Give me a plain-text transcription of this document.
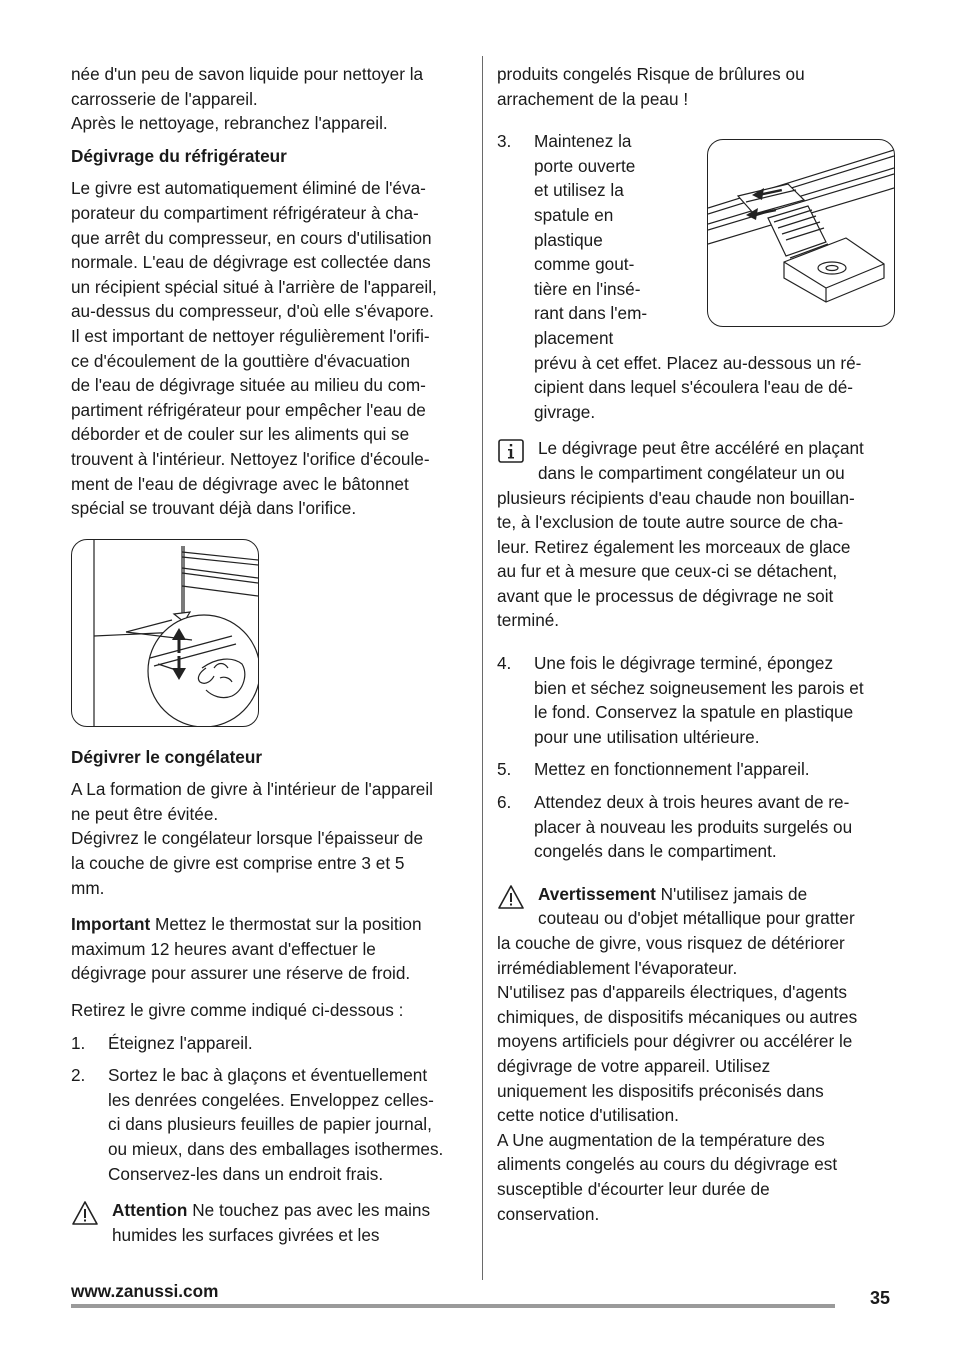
née d'un peu de savon liquide pour nettoyer la

carrosserie de l'appareil.

Après le nettoyage, rebranchez l'appareil.

Dégivrage du réfrigérateur

Le givre est automatiquement éliminé de l'éva-

porateur du compartiment réfrigérateur à cha-

que arrêt du compresseur, en cours d'utilisation

normale. L'eau de dégivrage est collectée dans

un récipient spécial situé à l'arrière de l'appareil,

au-dessus du compresseur, d'où elle s'évapore.

Il est important de nettoyer régulièrement l'orifi-

ce d'écoulement de la gouttière d'évacuation

de l'eau de dégivrage située au milieu du com-

partiment réfrigérateur pour empêcher l'eau de

déborder et de couler sur les aliments qui se

trouvent à l'intérieur. Nettoyez l'orifice d'écoule-

ment de l'eau de dégivrage avec le bâtonnet

spécial se trouvant déjà dans l'orifice.

Dégivrer le congélateur

A La formation de givre à l'intérieur de l'appareil

ne peut être évitée.

Dégivrez le congélateur lorsque l'épaisseur de

la couche de givre est comprise entre 3 et 5

mm.

Important Mettez le thermostat sur la position

maximum 12 heures avant d'effectuer le

dégivrage pour assurer une réserve de froid.

Retirez le givre comme indiqué ci-dessous :

1. Éteignez l'appareil.

2. Sortez le bac à glaçons et éventuellement

les denrées congelées. Enveloppez celles-

ci dans plusieurs feuilles de papier journal,

ou mieux, dans des emballages isothermes.

Conservez-les dans un endroit frais.

Attention Ne touchez pas avec les mains

humides les surfaces givrées et les

produits congelés Risque de brûlures ou

arrachement de la peau !

3. Maintenez la

porte ouverte

et utilisez la

spatule en

plastique

comme gout-

tière en l'insé-

rant dans l'em-

placement

prévu à cet effet. Placez au-dessous un ré-

cipient dans lequel s'écoulera l'eau de dé-

givrage.

Le dégivrage peut être accéléré en plaçant

dans le compartiment congélateur un ou

plusieurs récipients d'eau chaude non bouillan-

te, à l'exclusion de toute autre source de cha-

leur. Retirez également les morceaux de glace

au fur et à mesure que ceux-ci se détachent,

avant que le processus de dégivrage ne soit

terminé.

4. Une fois le dégivrage terminé, épongez

bien et séchez soigneusement les parois et

le fond. Conservez la spatule en plastique

pour une utilisation ultérieure.

5. Mettez en fonctionnement l'appareil.

6. Attendez deux à trois heures avant de re-

placer à nouveau les produits surgelés ou

congelés dans le compartiment.

Avertissement N'utilisez jamais de

couteau ou d'objet métallique pour gratter

la couche de givre, vous risquez de détériorer

irrémédiablement l'évaporateur.

N'utilisez pas d'appareils électriques, d'agents

chimiques, de dispositifs mécaniques ou autres

moyens artificiels pour dégivrer ou accélérer le

dégivrage de votre appareil. Utilisez

uniquement les dispositifs préconisés dans

cette notice d'utilisation.

A Une augmentation de la température des

aliments congelés au cours du dégivrage est

susceptible d'écourter leur durée de

conservation.

www.zanussi.com	35
